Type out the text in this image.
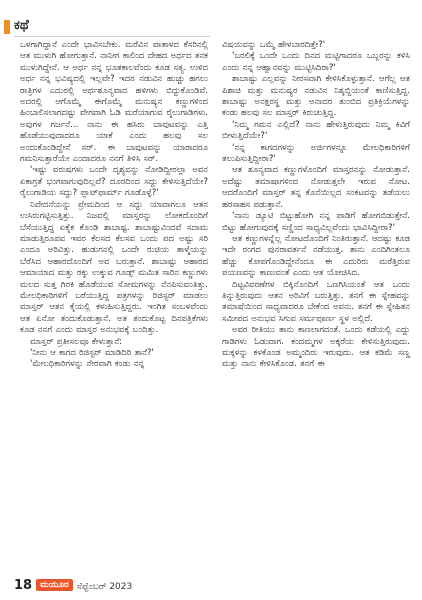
ಕಥೆ

ಒಳಗಾಗಿದ್ದಾನೆ ಎಂದೇ ಭಾವಿಸಬೇಕು. ಮರೆವಿನ ಪಾತಾಳದ ಕೆಸರಿನಲ್ಲಿ ಆತ ಮುಳುಗಿ ಹೋಗುತ್ತಾನೆ. ನಾನೀಗ ಕಾಲಿಂದ ದೇಹದ ಅರ್ಧದ ತನಕ ಮುಳುಗಿದ್ದೇನೆ. ಆ ಅರ್ಧ ನನ್ನ ಭೂತಕಾಲವೆಂದು ಕೂಡ ಸತ್ಯ. ಉಳಿದ ಅರ್ಧ ನನ್ನ ಭವಿಷ್ಯದಲ್ಲಿ ಇಲ್ಲವೇ? ಇದರ ನಡುವಿನ ಹುಚ್ಚು ಹಗಲು ರಾತ್ರಿಗಳ ಎದುರಲ್ಲಿ ಅರ್ಥಶೂನ್ಯವಾದ ಹಳಿಗಳು ಬಿದ್ದುಕೊಂಡಿವೆ. ಅದರಲ್ಲಿ ಆಗೊಮ್ಮೆ ಈಗೊಮ್ಮೆ ಮನುಷ್ಯನ ಕಣ್ಣುಗಳಿಂದ ಹಿಂಬಾಲಿಸಲಾಗದಷ್ಟು ವೇಗವಾಗಿ ಓಡಿ ಮರೆಯಾಗುವ ರೈಲುಗಾಡಿಗಳು. ಅವುಗಳ ಗರ್ಜನೆ... ನಾನು ಈ ಹಸಿರು ಬಾವುಟವನ್ನು ಎತ್ತಿ ಹೊಡೆಯುವುದಾದರೂ ಯಾಕೆ ಎಂದು ಹಲವು ಸಲ ಅಂದುಕೊಂಡಿದ್ದೇನೆ ಸರ್. ಈ ಬಾವುಟವನ್ನು ಯಾರಾದರೂ ಗಮನಿಸುತ್ತಾರೆಯೇ ಎಂದಾದರೂ ನನಗೆ ತಿಳಿಸಿ ಸರ್.

'ಇಷ್ಟು ವರುಷಗಳು ಒಂದೇ ದೃಶ್ಯವನ್ನು ನೋಡಿದ್ದೀರಲ್ಲಾ ಅವನ ಏಕಾಗ್ರತೆ ಭಂಗವಾಗುವುದಿಲ್ಲವೆ? ದೂರದಿಂದ ಸದ್ದು ಕೇಳಿಸುತ್ತಿದೆಯೇ? ರೈಲುಗಾಡಿಯ ಸದ್ದು? ಪ್ಲಾಟ್‌ಫಾರ್ಮ್ ಗೂಡೊಳ್ಳೆ?'

ನಿವೇದನೆಯನ್ನು ಪ್ರೇಮದಿಂದ ಆ ಸದ್ದು ಯಾವಾಗಲೂ ಆತನ ಉಸಿರುಗಟ್ಟಿಸುತ್ತಿತ್ತು. ನಿಜವಲ್ಲಿ ಮಾಸ್ತರನ್ನು ಲೋಕದೊಂದಿಗೆ ಬೆಸೆಯುತ್ತಿದ್ದ ಏಕೈಕ ಕೊಂಡಿ ಶಾಬಾಷ್ಟ. ಶಾಬಾಷ್ಟುವಿಂದವೆ ಸದಾಮ ಮಾಡುತ್ತಿರೂಪವ ಇವರ ಕೆಲಸದ ಕೆಲಸವ ಒಂದು ಪದ ಅಷ್ಟು ಸರಿ ಎಂದೂ ಅರಿವಿತ್ತು. ಹುಡುಗನಲ್ಲಿ ಒಂದೇ ರುಚಿಯ ತಾಳ್ಮೆಯನ್ನು ಬೆರೆಸಿದ ಆಹಾರದೊಂದಿಗೆ ಅವ ಬರುತ್ತಾನೆ. ಶಾಬಾಷ್ಟು ಆಹಾರದ ಆಮಾಯಾದ ಮತ್ತು ಠಕ್ಕು ಉಕ್ಕುವ ಗೂಡ್ಸ್ ಮಮಿತ ಸಾರಿನ ಕಣ್ಣುಗಳು ಮಲದ ಸುತ್ತ ಗಿರಕಿ ಹೊಡೆಯುವ ಸೋಮಗಳನ್ನು ನೆನಪಿಸುವಂತಿತ್ತು. ಮೇಲಧಿಕಾರಿಗಳಿಗೆ ಬರೆಯುತ್ತಿದ್ದ ಪತ್ರಗಳನ್ನು ರಿಜಿಸ್ಟರ್ ಮಾಡಲು ಮಾಸ್ತರ್ ಆತನ ಕೈಯಲ್ಲಿ ಕಳುಹಿಸುತ್ತಿದ್ದರು. ಇಂಗಿತ ಸಂಬಳವೆಂದು ಆತ ಏನೋ ತಂದುಕೊಡುತ್ತಾನೆ. ಅತ ತಂದುಕೊಟ್ಟ ದಿನಪತ್ರಿಕೆಗಳು ಕೂಡ ನನಗೆ ಎಂದು ಮಾಸ್ತರ ಅನುಭವಕ್ಕೆ ಬಂದಿತ್ತು.

ಮಾಸ್ತರ್ ಪ್ರತೀಸಲವೂ ಕೇಳುತ್ತಾನೆ:

'ನೀನು ಆ ಕಾಗದ ರಿಜಿಸ್ಟರ್ ಮಾಡಿದಿರಿ ತಾನೆ?'

'ಮೇಲಧಿಕಾರಿಗಳನ್ನು ನೇರವಾಗಿ ಕಂಡು ನನ್ನ

ವಿಷಯವನ್ನು ಒಮ್ಮೆ ಹೇಳಬಾರದಿತ್ತೇ?'

'ಬರಲಿಕ್ಕೆ ಒಂದೇ ಒಂದು ದಿನದ ಮಟ್ಟಿಗಾದರೂ ಒಬ್ಬರನ್ನು ಕಳಿಸಿ ಎಂದು ನನ್ನ ಆಹ್ವಾನವನ್ನು ಮುಟ್ಟಿಸಿದಿರಾ?'

ಶಾಬಾಷ್ಟು ಎಲ್ಲವನ್ನು ನೀರಸವಾಗಿ ಕೇಳಿಸಿಕೊಳ್ಳುತ್ತಾನೆ. ಆಗೆಲ್ಲ ಆತ ಪಿಶಾಚಿ ಮತ್ತು ಮನುಷ್ಯರ ನಡುವಿನ ನಿಶ್ಶಬ್ದಿಯಂತೆ ಕಾಣಿಸುತ್ತಿದ್ದ. ಶಾಬಾಷ್ಟು ಅನಕ್ಷರಸ್ಥ ಮತ್ತು ಅನಾದರ ತುಂಬಿದ ಪ್ರತಿಕ್ರಿಯೆಗಳನ್ನು ಕಂಡು ಹಲವು ಸಲ ಮಾಸ್ತರ್ ಕಿರುಚುತ್ತಿದ್ದ.

'ನಿಮ್ಮ ಗಮನ ಎಲ್ಲಿದೆ? ನಾನು ಹೇಳುತ್ತಿರುವುದು ನಿಮ್ಮ ಕಿವಿಗೆ ಬೀಳುತ್ತಿದೆಯೇ?'

'ನನ್ನ ಕಾಗದಗಳನ್ನು ಅರ್ಜಿಗಳನ್ನೂ ಮೇಲಧಿಕಾರಿಗಳಿಗೆ ತಲುಪಿಸುತ್ತಿದ್ದೀರಾ?'

ಆತ ಶೂನ್ಯವಾದ ಕಣ್ಣುಗಳೊಂದಿಗೆ ಮಾಸ್ತರನನ್ನು ನೋಡುತ್ತಾನೆ. ಅದೆಷ್ಟು ತಮಾಷಾಗಳಿಂದ ನೋಡುತ್ತಲೇ ಇರುವ ನೋಟ. ಆದರೊಂದಿಗೆ ಮಾಸ್ತರ್ ತನ್ನ ಕೊನೆಯಿಲ್ಲದ ಸಂಕಟವನ್ನು ತಡೆಯಲು ಹರಸಾಹಸ ಪಡುತ್ತಾನೆ.

'ನಾನು ಡ್ಯೂಟಿ ಬಿಟ್ಟುಹೋಗಿ ನನ್ನ ಪಾಡಿಗೆ ಹೋಗಬಿಡುತ್ತೇನೆ. ಬಿಟ್ಟು ಹೋಗುವುದಕ್ಕೆ ಸಣ್ಣಿಂದ ಸಾಧ್ಯವಿಲ್ಲವೆಂದು ಭಾವಿಸಿದ್ದೀರಾ?'

ಆತ ಕಣ್ಣುಗಳನ್ನೆಲ್ಲ ನೋಟದೊಂದಿಗೆ ನಿಂತಿರುತ್ತಾನೆ. ಆದಷ್ಟು ಕೂಡ ಇದೇ ರಂಗದ ಪುನರಾವರ್ತನೆ ನಡೆಯುತ್ತ. ತಾನು ಎಂದಿಗಿಂತಲೂ ಹೆಚ್ಚು ಕೋಪಗೊಂಡಿದ್ದೇನೆಂದೂ ಈ ಎದುರಿರು ಮರೆತ್ತಿರುವ ಪಯಣವನ್ನು ಕಾಣುವಂತೆ ಎಂದು ಆತ ಯೋಚಿಸಿದ.

ದಿಟ್ಟವಿವರಣೆಗಳ ಬಿಕ್ಕಿನೊಂದಿಗೆ ಒಣಗಿಸಿಯಂತೆ ಆತ ಒಂದು ತಿನ್ನುತ್ತಿರುವುದು ಆತನ ಅರಿವಿಗೆ ಬರುತ್ತಿತ್ತು. ತನಗೆ ಈ ಸ್ನೇಹವನ್ನು ತಮಾಷೆಯಿಂದ ಸಾಧ್ಯವಾದರೂ ಬೇಕೆಂದ ಅವನು. ತನಗೆ ಈ ಸ್ನೇಹಿತನ ಸಮೀಪದ ಅನುಭವ ಸಿಗುವ ಸರ್ಮಪೂರ್ಣ ಸ್ಥಳ ಅಲ್ಲಿದೆ.

ಅವರ ರೀತಿಯು ತಾನು ಕಾಣಲಾಗದಂತೆ. ಒಂದು ಕಡೆಯಲ್ಲಿ ಎದ್ದು ಗಾಡಿಗಳು ಓಡುವಾಗ. ಕಂದಮ್ಮಗಳ ಅಕ್ಕರೆಯ ಕೇಳಿಸುತ್ತಿರುವುದು. ಮಕ್ಕಳನ್ನು ಕಳಕೊಂಡ ಅಮ್ಮಂದಿರು ಇರುವುದು. ಆತ ಕಡಿಮೆ ಸಣ್ಣ ಮತ್ತು ನಾನು ಕೇಳಿಸಿಕೊಂಡ. ತನಗೆ ಈ

18 ಮಯೂರ ಸೆಪ್ಟೆಂಬರ್ 2023
